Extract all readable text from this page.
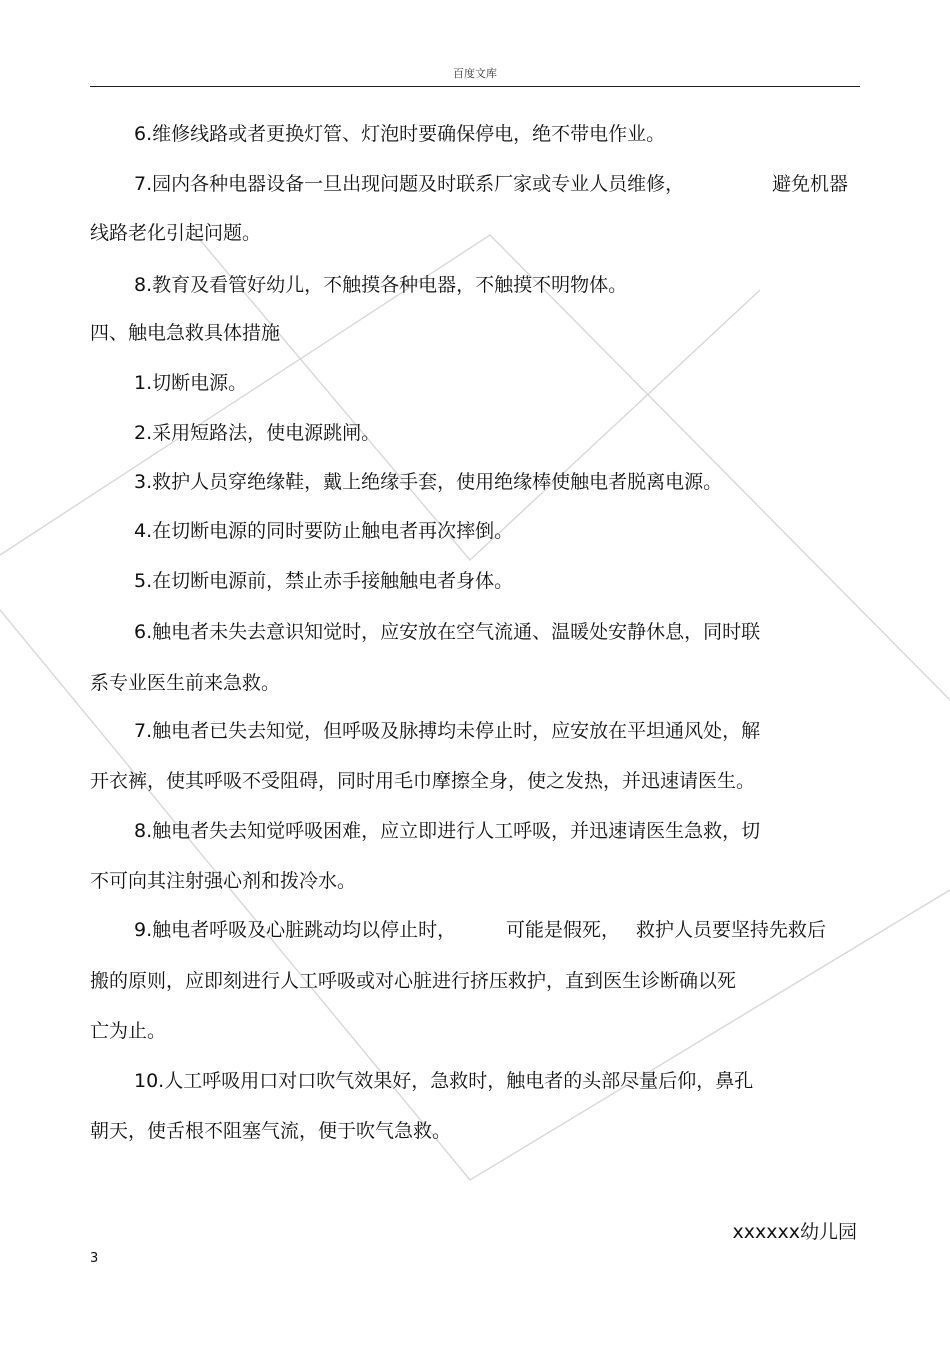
百度文库
6.维修线路或者更换灯管、灯泡时要确保停电，绝不带电作业。
7.园内各种电器设备一旦出现问题及时联系厂家或专业人员维修，	避免机器
线路老化引起问题。
8.教育及看管好幼儿，不触摸各种电器，不触摸不明物体。
四、触电急救具体措施
1.切断电源。
2.采用短路法，使电源跳闸。
3.救护人员穿绝缘鞋，戴上绝缘手套，使用绝缘棒使触电者脱离电源。
4.在切断电源的同时要防止触电者再次摔倒。
5.在切断电源前，禁止赤手接触触电者身体。
6.触电者未失去意识知觉时，应安放在空气流通、温暖处安静休息，同时联
系专业医生前来急救。
7.触电者已失去知觉，但呼吸及脉搏均未停止时，应安放在平坦通风处，解
开衣裤，使其呼吸不受阻碍，同时用毛巾摩擦全身，使之发热，并迅速请医生。
8.触电者失去知觉呼吸困难，应立即进行人工呼吸，并迅速请医生急救，切
不可向其注射强心剂和拨冷水。
9.触电者呼吸及心脏跳动均以停止时，	可能是假死， 救护人员要坚持先救后
搬的原则，应即刻进行人工呼吸或对心脏进行挤压救护，直到医生诊断确以死
亡为止。
10.人工呼吸用口对口吹气效果好，急救时，触电者的头部尽量后仰，鼻孔
朝天，使舌根不阻塞气流，便于吹气急救。
xxxxxx幼儿园
3
